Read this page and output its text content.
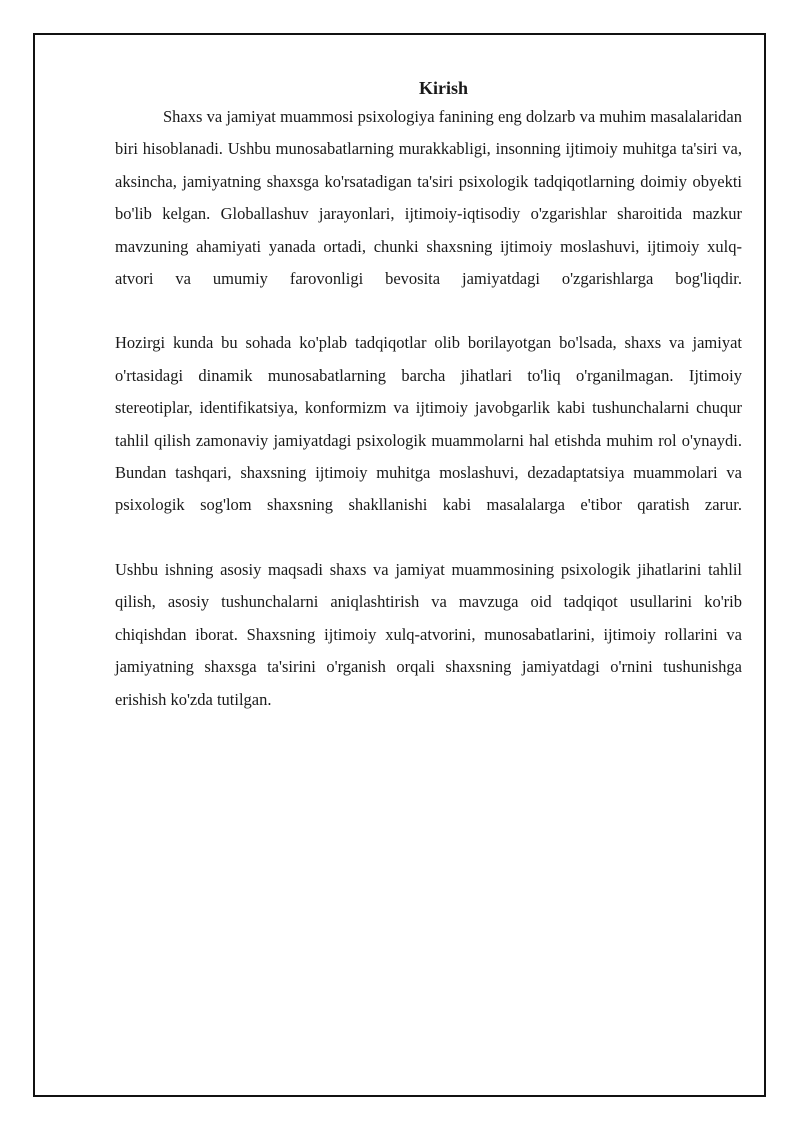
Kirish

Shaxs va jamiyat muammosi psixologiya fanining eng dolzarb va muhim masalalaridan biri hisoblanadi. Ushbu munosabatlarning murakkabligi, insonning ijtimoiy muhitga ta'siri va, aksincha, jamiyatning shaxsga ko'rsatadigan ta'siri psixologik tadqiqotlarning doimiy obyekti bo'lib kelgan. Globallashuv jarayonlari, ijtimoiy-iqtisodiy o'zgarishlar sharoitida mazkur mavzuning ahamiyati yanada ortadi, chunki shaxsning ijtimoiy moslashuvi, ijtimoiy xulq-atvori va umumiy farovonligi bevosita jamiyatdagi o'zgarishlarga bog'liqdir.

Hozirgi kunda bu sohada ko'plab tadqiqotlar olib borilayotgan bo'lsada, shaxs va jamiyat o'rtasidagi dinamik munosabatlarning barcha jihatlari to'liq o'rganilmagan. Ijtimoiy stereotiplar, identifikatsiya, konformizm va ijtimoiy javobgarlik kabi tushunchalarni chuqur tahlil qilish zamonaviy jamiyatdagi psixologik muammolarni hal etishda muhim rol o'ynaydi. Bundan tashqari, shaxsning ijtimoiy muhitga moslashuvi, dezadaptatsiya muammolari va psixologik sog'lom shaxsning shakllanishi kabi masalalarga e'tibor qaratish zarur.

Ushbu ishning asosiy maqsadi shaxs va jamiyat muammosining psixologik jihatlarini tahlil qilish, asosiy tushunchalarni aniqlashtirish va mavzuga oid tadqiqot usullarini ko'rib chiqishdan iborat. Shaxsning ijtimoiy xulq-atvorini, munosabatlarini, ijtimoiy rollarini va jamiyatning shaxsga ta'sirini o'rganish orqali shaxsning jamiyatdagi o'rnini tushunishga erishish ko'zda tutilgan.
